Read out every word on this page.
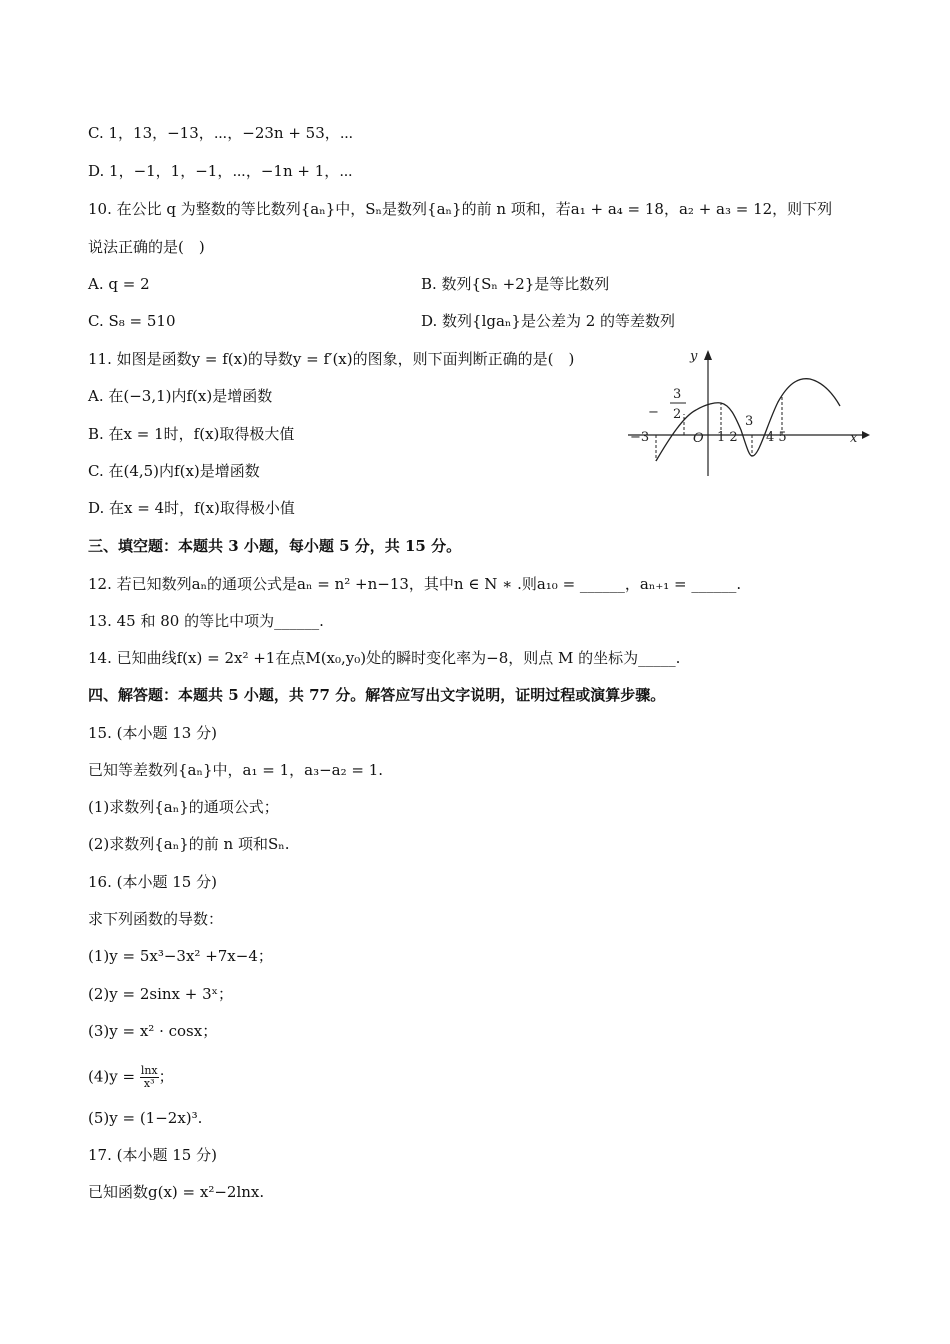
C. 1，13，−13，⋯，−23n + 53，⋯
D. 1，−1，1，−1，⋯，−1n + 1，⋯
10. 在公比 q 为整数的等比数列{aₙ}中，Sₙ是数列{aₙ}的前 n 项和，若a₁ + a₄ = 18，a₂ + a₃ = 12，则下列
说法正确的是(　)
A. q = 2	B. 数列{Sₙ +2}是等比数列
C. S₈ = 510	D. 数列{lgaₙ}是公差为 2 的等差数列
11. 如图是函数y = f(x)的导数y = f′(x)的图象，则下面判断正确的是(　)
A. 在(−3,1)内f(x)是增函数
B. 在x = 1时，f(x)取得极大值
C. 在(4,5)内f(x)是增函数
D. 在x = 4时，f(x)取得极小值
y
x
O
−
3
2
−3	1 2
3
4 5
三、填空题：本题共 3 小题，每小题 5 分，共 15 分。
12. 若已知数列aₙ的通项公式是aₙ = n² +n−13，其中n ∈ N ∗ .则a₁₀ = ______，aₙ₊₁ = ______.
13. 45 和 80 的等比中项为______.
14. 已知曲线f(x) = 2x² +1在点M(x₀,y₀)处的瞬时变化率为−8，则点 M 的坐标为_____.
四、解答题：本题共 5 小题，共 77 分。解答应写出文字说明，证明过程或演算步骤。
15. (本小题 13 分)
已知等差数列{aₙ}中，a₁ = 1，a₃−a₂ = 1.
(1)求数列{aₙ}的通项公式；
(2)求数列{aₙ}的前 n 项和Sₙ.
16. (本小题 15 分)
求下列函数的导数：
(1)y = 5x³−3x² +7x−4；
(2)y = 2sinx + 3ˣ；
(3)y = x² · cosx；
$(4)y = \frac{\ln x}{\text{x³}}$ ；
(5)y = (1−2x)³.
17. (本小题 15 分)
已知函数g(x) = x²−2lnx.
